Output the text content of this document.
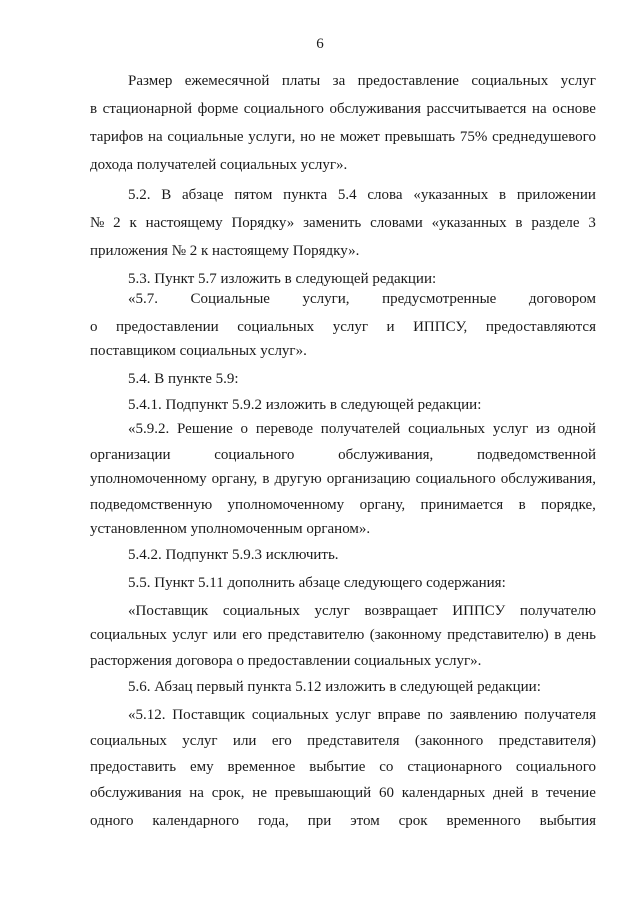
6
Размер ежемесячной платы за предоставление социальных услуг
в стационарной форме социального обслуживания рассчитывается на основе
тарифов на социальные услуги, но не может превышать 75% среднедушевого
дохода получателей социальных услуг».
5.2. В абзаце пятом пункта 5.4 слова «указанных в приложении
№ 2 к настоящему Порядку» заменить словами «указанных в разделе 3
приложения № 2 к настоящему Порядку».
5.3. Пункт 5.7 изложить в следующей редакции:
«5.7. Социальные услуги, предусмотренные договором
о предоставлении социальных услуг и ИППСУ, предоставляются
поставщиком социальных услуг».
5.4. В пункте 5.9:
5.4.1. Подпункт 5.9.2 изложить в следующей редакции:
«5.9.2. Решение о переводе получателей социальных услуг из одной
организации	социального	обслуживания,	подведомственной
уполномоченному органу, в другую организацию социального обслуживания,
подведомственную уполномоченному органу, принимается в порядке,
установленном уполномоченным органом».
5.4.2. Подпункт 5.9.3 исключить.
5.5. Пункт 5.11 дополнить абзаце следующего содержания:
«Поставщик социальных услуг возвращает ИППСУ получателю
социальных услуг или его представителю (законному представителю) в день
расторжения договора о предоставлении социальных услуг».
5.6. Абзац первый пункта 5.12 изложить в следующей редакции:
«5.12. Поставщик социальных услуг вправе по заявлению получателя
социальных услуг или его представителя (законного представителя)
предоставить ему временное выбытие со стационарного социального
обслуживания на срок, не превышающий 60 календарных дней в течение
одного календарного года, при этом срок временного выбытия
